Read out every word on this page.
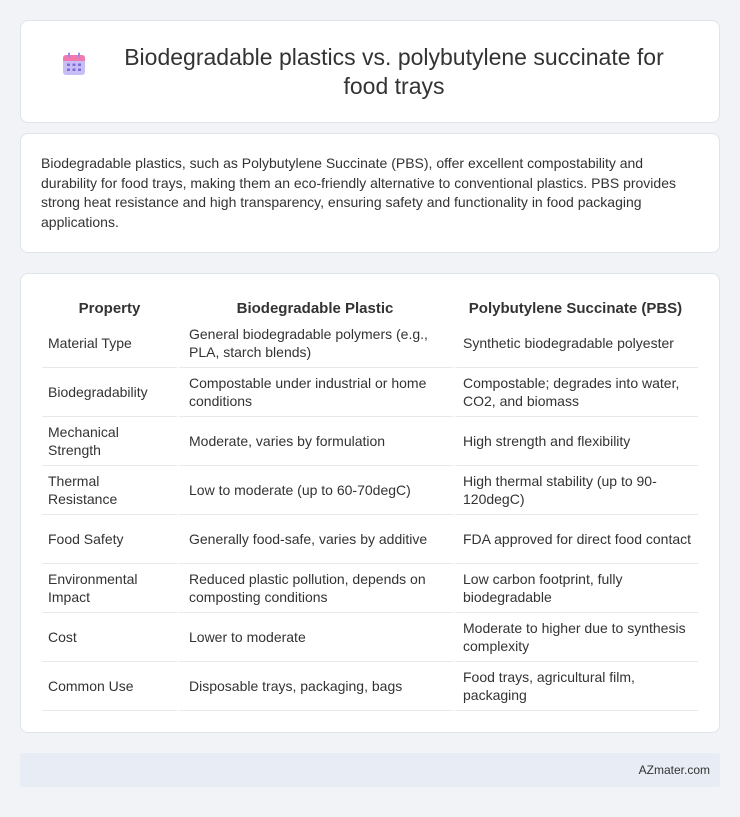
Biodegradable plastics vs. polybutylene succinate for food trays

Biodegradable plastics, such as Polybutylene Succinate (PBS), offer excellent compostability and durability for food trays, making them an eco-friendly alternative to conventional plastics. PBS provides strong heat resistance and high transparency, ensuring safety and functionality in food packaging applications.

Property	Biodegradable Plastic	Polybutylene Succinate (PBS)
Material Type	General biodegradable polymers (e.g., PLA, starch blends)	Synthetic biodegradable polyester
Biodegradability	Compostable under industrial or home conditions	Compostable; degrades into water, CO2, and biomass
Mechanical Strength	Moderate, varies by formulation	High strength and flexibility
Thermal Resistance	Low to moderate (up to 60-70degC)	High thermal stability (up to 90-120degC)
Food Safety	Generally food-safe, varies by additive	FDA approved for direct food contact
Environmental Impact	Reduced plastic pollution, depends on composting conditions	Low carbon footprint, fully biodegradable
Cost	Lower to moderate	Moderate to higher due to synthesis complexity
Common Use	Disposable trays, packaging, bags	Food trays, agricultural film, packaging
AZmater.com
